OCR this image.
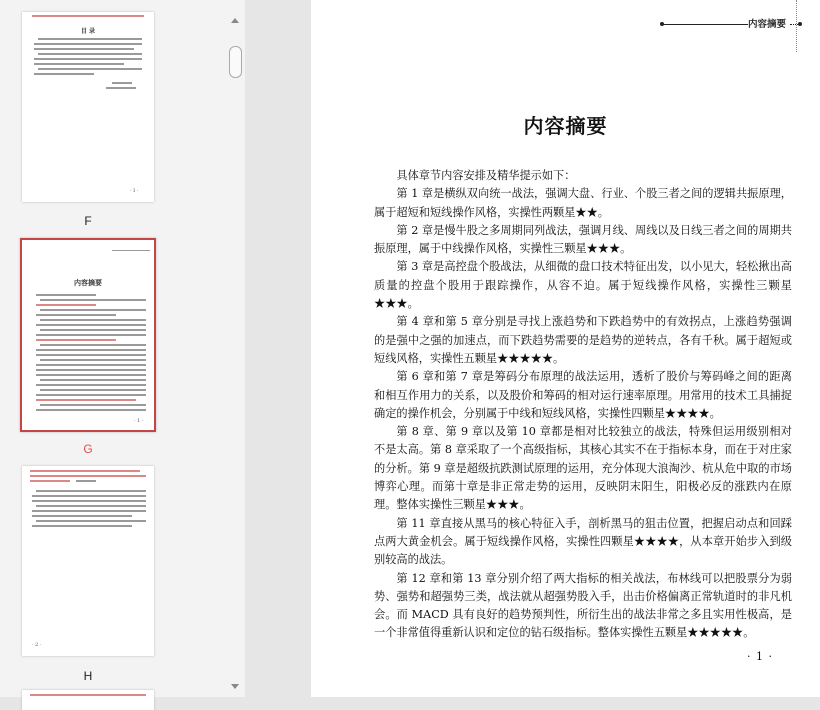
目 录
· I ·
F
内容摘要
· 1 ·
G
· 2 ·
H
内容摘要
内容摘要

具体章节内容安排及精华提示如下：

第 1 章是横纵双向统一战法，强调大盘、行业、个股三者之间的逻辑共振原理，属于超短和短线操作风格，实操性两颗星★★。

第 2 章是慢牛股之多周期同列战法，强调月线、周线以及日线三者之间的周期共振原理，属于中线操作风格，实操性三颗星★★★。

第 3 章是高控盘个股战法，从细微的盘口技术特征出发，以小见大，轻松揪出高质量的控盘个股用于跟踪操作，从容不迫。属于短线操作风格，实操性三颗星★★★。

第 4 章和第 5 章分别是寻找上涨趋势和下跌趋势中的有效拐点，上涨趋势强调的是强中之强的加速点，而下跌趋势需要的是趋势的逆转点，各有千秋。属于超短或短线风格，实操性五颗星★★★★★。

第 6 章和第 7 章是筹码分布原理的战法运用，透析了股价与筹码峰之间的距离和相互作用力的关系，以及股价和筹码的相对运行速率原理。用常用的技术工具捕捉确定的操作机会，分别属于中线和短线风格，实操性四颗星★★★★。

第 8 章、第 9 章以及第 10 章都是相对比较独立的战法，特殊但运用级别相对不是太高。第 8 章采取了一个高级指标，其核心其实不在于指标本身，而在于对庄家的分析。第 9 章是超级抗跌测试原理的运用，充分体现大浪淘沙、杭从危中取的市场博弈心理。而第十章是非正常走势的运用，反映阴末阳生，阳极必反的涨跌内在原理。整体实操性三颗星★★★。

第 11 章直接从黑马的核心特征入手，剖析黑马的狙击位置，把握启动点和回踩点两大黄金机会。属于短线操作风格，实操性四颗星★★★★，从本章开始步入到级别较高的战法。

第 12 章和第 13 章分别介绍了两大指标的相关战法，布林线可以把股票分为弱势、强势和超强势三类，战法就从超强势股入手，出击价格偏离正常轨道时的非凡机会。而 MACD 具有良好的趋势预判性，所衍生出的战法非常之多且实用性极高，是一个非常值得重新认识和定位的钻石级指标。整体实操性五颗星★★★★★。

· 1 ·
